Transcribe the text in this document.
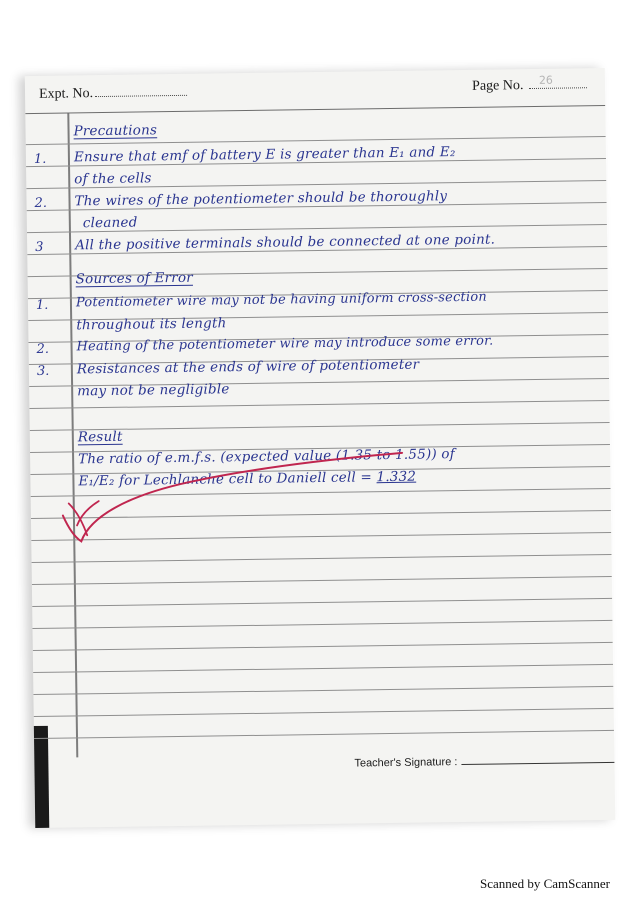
Expt. No.
Page No. 26
Precautions
1. Ensure that emf of battery E is greater than E₁ and E₂
of the cells
2. The wires of the potentiometer should be thoroughly
cleaned
3 All the positive terminals should be connected at one point.
Sources of Error
1. Potentiometer wire may not be having uniform cross-section
throughout its length
2. Heating of the potentiometer wire may introduce some error.
3. Resistances at the ends of wire of potentiometer
may not be negligible
Result
The ratio of e.m.f.s. (expected value (1.35 to 1.55)) of
E₁/E₂ for Lechlanche cell to Daniell cell = 1.332
Teacher's Signature :
Scanned by CamScanner
